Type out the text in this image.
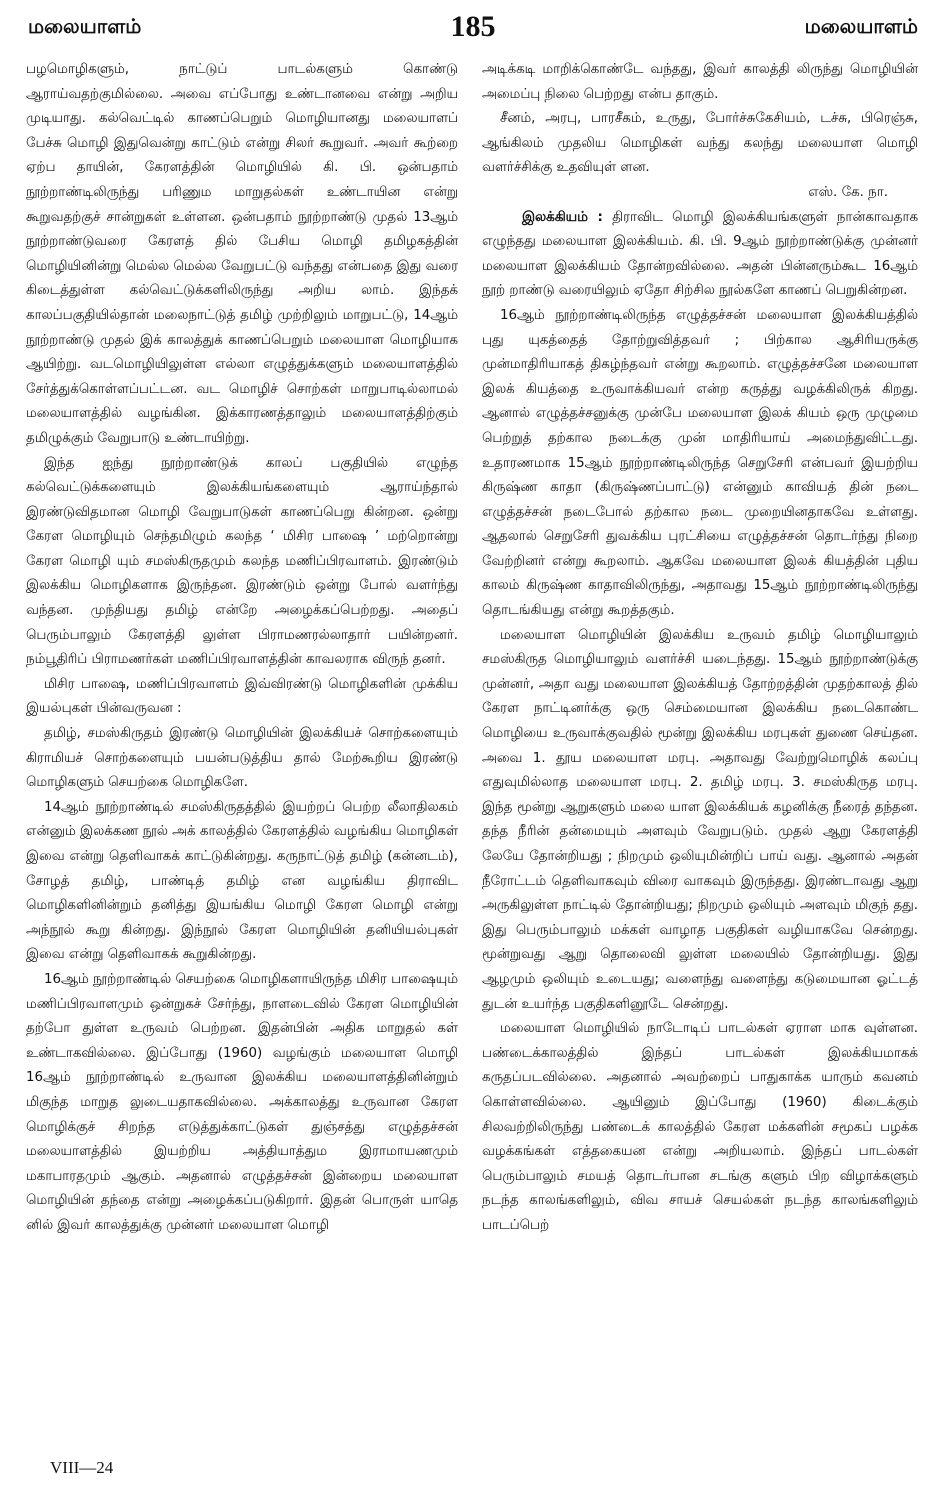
மலையாளம்	185	மலையாளம்

பழமொழிகளும், நாட்டுப் பாடல்களும் கொண்டு ஆராய்வதற்குமில்லை. அவை எப்போது உண்டானவை என்று அறிய முடியாது. கல்வெட்டில் காணப்பெறும் மொழியானது மலையாளப் பேச்சு மொழி இதுவென்று காட்டும் என்று சிலர் கூறுவர். அவர் கூற்றை ஏற்ப தாயின், கேரளத்தின் மொழியில் கி. பி. ஒன்பதாம் நூற்றாண்டிலிருந்து பரிணும மாறுதல்கள் உண்டாயின என்று கூறுவதற்குச் சான்றுகள் உள்ளன. ஒன்பதாம் நூற்றாண்டு முதல் 13ஆம் நூற்றாண்டுவரை கேரளத் தில் பேசிய மொழி தமிழகத்தின் மொழியினின்று மெல்ல மெல்ல வேறுபட்டு வந்தது என்பதை இது வரை கிடைத்துள்ள கல்வெட்டுக்களிலிருந்து அறிய லாம். இந்தக் காலப்பகுதியில்தான் மலைநாட்டுத் தமிழ் முற்றிலும் மாறுபட்டு, 14ஆம் நூற்றாண்டு முதல் இக் காலத்துக் காணப்பெறும் மலையாள மொழியாக ஆயிற்று. வடமொழியிலுள்ள எல்லா எழுத்துக்களும் மலையாளத்தில் சேர்த்துக்கொள்ளப்பட்டன. வட மொழிச் சொற்கள் மாறுபாடில்லாமல் மலையாளத்தில் வழங்கின. இக்காரணத்தாலும் மலையாளத்திற்கும் தமிழுக்கும் வேறுபாடு உண்டாயிற்று.

இந்த ஐந்து நூற்றாண்டுக் காலப் பகுதியில் எழுந்த கல்வெட்டுக்களையும் இலக்கியங்களையும் ஆராய்ந்தால் இரண்டுவிதமான மொழி வேறுபாடுகள் காணப்பெறு கின்றன. ஒன்று கேரள மொழியும் செந்தமிழும் கலந்த ‘ மிசிர பாஷை ’ மற்றொன்று கேரள மொழி யும் சமஸ்கிருதமும் கலந்த மணிப்பிரவாளம். இரண்டும் இலக்கிய மொழிகளாக இருந்தன. இரண்டும் ஒன்று போல் வளர்ந்து வந்தன. முந்தியது தமிழ் என்றே அழைக்கப்பெற்றது. அதைப் பெரும்பாலும் கேரளத்தி லுள்ள பிராமணரல்லாதார் பயின்றனர். நம்பூதிரிப் பிராமணர்கள் மணிப்பிரவாளத்தின் காவலராக விருந் தனர்.

மிசிர பாஷை, மணிப்பிரவாளம் இவ்விரண்டு மொழிகளின் முக்கிய இயல்புகள் பின்வருவன :

தமிழ், சமஸ்கிருதம் இரண்டு மொழியின் இலக்கியச் சொற்களையும் கிராமியச் சொற்களையும் பயன்படுத்திய தால் மேற்கூறிய இரண்டு மொழிகளும் செயற்கை மொழிகளே.

14ஆம் நூற்றாண்டில் சமஸ்கிருதத்தில் இயற்றப் பெற்ற லீலாதிலகம் என்னும் இலக்கண நூல் அக் காலத்தில் கேரளத்தில் வழங்கிய மொழிகள் இவை என்று தெளிவாகக் காட்டுகின்றது. கருநாட்டுத் தமிழ் (கன்னடம்), சோழத் தமிழ், பாண்டித் தமிழ் என வழங்கிய திராவிட மொழிகளினின்றும் தனித்து இயங்கிய மொழி கேரள மொழி என்று அந்நூல் கூறு கின்றது. இந்நூல் கேரள மொழியின் தனியியல்புகள் இவை என்று தெளிவாகக் கூறுகின்றது.

16ஆம் நூற்றாண்டில் செயற்கை மொழிகளாயிருந்த மிசிர பாஷையும் மணிப்பிரவாளமும் ஒன்றுகச் சேர்ந்து, நாளடைவில் கேரள மொழியின் தற்போ துள்ள உருவம் பெற்றன. இதன்பின் அதிக மாறுதல் கள் உண்டாகவில்லை. இப்போது (1960) வழங்கும் மலையாள மொழி 16ஆம் நூற்றாண்டில் உருவான இலக்கிய மலையாளத்தினின்றும் மிகுந்த மாறுத லுடையதாகவில்லை. அக்காலத்து உருவான கேரள மொழிக்குச் சிறந்த எடுத்துக்காட்டுகள் துஞ்சத்து எழுத்தச்சன் மலையாளத்தில் இயற்றிய அத்தியாத்தும இராமாயணமும் மகாபாரதமும் ஆகும். அதனால் எழுத்தச்சன் இன்றைய மலையாள மொழியின் தந்தை என்று அழைக்கப்படுகிறார். இதன் பொருள் யாதெ னில் இவர் காலத்துக்கு முன்னர் மலையாள மொழி

அடிக்கடி மாறிக்கொண்டே வந்தது, இவர் காலத்தி லிருந்து மொழியின் அமைப்பு நிலை பெற்றது என்ப தாகும்.

சீனம், அரபு, பாரசீகம், உருது, போர்ச்சுகேசியம், டச்சு, பிரெஞ்சு, ஆங்கிலம் முதலிய மொழிகள் வந்து கலந்து மலையாள மொழி வளர்ச்சிக்கு உதவியுள் ளன.

எஸ். கே. நா.

இலக்கியம் : திராவிட மொழி இலக்கியங்களுள் நான்காவதாக எழுந்தது மலையாள இலக்கியம். கி. பி. 9ஆம் நூற்றாண்டுக்கு முன்னர் மலையாள இலக்கியம் தோன்றவில்லை. அதன் பின்னரும்கூட 16ஆம் நூற் றாண்டு வரையிலும் ஏதோ சிற்சில நூல்களே காணப் பெறுகின்றன.

16ஆம் நூற்றாண்டிலிருந்த எழுத்தச்சன் மலையாள இலக்கியத்தில் புது யுகத்தைத் தோற்றுவித்தவர் ; பிற்கால ஆசிரியருக்கு முன்மாதிரியாகத் திகழ்ந்தவர் என்று கூறலாம். எழுத்தச்சனே மலையாள இலக் கியத்தை உருவாக்கியவர் என்ற கருத்து வழக்கிலிருக் கிறது. ஆனால் எழுத்தச்சனுக்கு முன்பே மலையாள இலக் கியம் ஒரு முழுமை பெற்றுத் தற்கால நடைக்கு முன் மாதிரியாய் அமைந்துவிட்டது. உதாரணமாக 15ஆம் நூற்றாண்டிலிருந்த செறுசேரி என்பவர் இயற்றிய கிருஷ்ண காதா (கிருஷ்ணப்பாட்டு) என்னும் காவியத் தின் நடை எழுத்தச்சன் நடைபோல் தற்கால நடை முறையினதாகவே உள்ளது. ஆதலால் செறுசேரி துவக்கிய புரட்சியை எழுத்தச்சன் தொடர்ந்து நிறை வேற்றினர் என்று கூறலாம். ஆகவே மலையாள இலக் கியத்தின் புதிய காலம் கிருஷ்ண காதாவிலிருந்து, அதாவது 15ஆம் நூற்றாண்டிலிருந்து தொடங்கியது என்று கூறத்தகும்.

மலையாள மொழியின் இலக்கிய உருவம் தமிழ் மொழியாலும் சமஸ்கிருத மொழியாலும் வளர்ச்சி யடைந்தது. 15ஆம் நூற்றாண்டுக்கு முன்னர், அதா வது மலையாள இலக்கியத் தோற்றத்தின் முதற்காலத் தில் கேரள நாட்டினர்க்கு ஒரு செம்மையான இலக்கிய நடைகொண்ட மொழியை உருவாக்குவதில் மூன்று இலக்கிய மரபுகள் துணை செய்தன. அவை 1. தூய மலையாள மரபு. அதாவது வேற்றுமொழிக் கலப்பு எதுவுமில்லாத மலையாள மரபு. 2. தமிழ் மரபு. 3. சமஸ்கிருத மரபு. இந்த மூன்று ஆறுகளும் மலை யாள இலக்கியக் கழனிக்கு நீரைத் தந்தன. தந்த நீரின் தன்மையும் அளவும் வேறுபடும். முதல் ஆறு கேரளத்தி லேயே தோன்றியது ; நிறமும் ஒலியுமின்றிப் பாய் வது. ஆனால் அதன் நீரோட்டம் தெளிவாகவும் விரை வாகவும் இருந்தது. இரண்டாவது ஆறு அருகிலுள்ள நாட்டில் தோன்றியது; நிறமும் ஒலியும் அளவும் மிகுந் தது. இது பெரும்பாலும் மக்கள் வாழாத பகுதிகள் வழியாகவே சென்றது. மூன்றுவது ஆறு தொலைவி லுள்ள மலையில் தோன்றியது. இது ஆழமும் ஒலியும் உடையது; வளைந்து வளைந்து கடுமையான ஓட்டத் துடன் உயர்ந்த பகுதிகளினூடே சென்றது.

மலையாள மொழியில் நாடோடிப் பாடல்கள் ஏராள மாக வுள்ளன. பண்டைக்காலத்தில் இந்தப் பாடல்கள் இலக்கியமாகக் கருதப்படவில்லை. அதனால் அவற்றைப் பாதுகாக்க யாரும் கவனம் கொள்ளவில்லை. ஆயினும் இப்போது (1960) கிடைக்கும் சிலவற்றிலிருந்து பண்டைக் காலத்தில் கேரள மக்களின் சமூகப் பழக்க வழக்கங்கள் எத்தகையன என்று அறியலாம். இந்தப் பாடல்கள் பெரும்பாலும் சமயத் தொடர்பான சடங்கு களும் பிற விழாக்களும் நடந்த காலங்களிலும், விவ சாயச் செயல்கள் நடந்த காலங்களிலும் பாடப்பெற்

VIII—24
